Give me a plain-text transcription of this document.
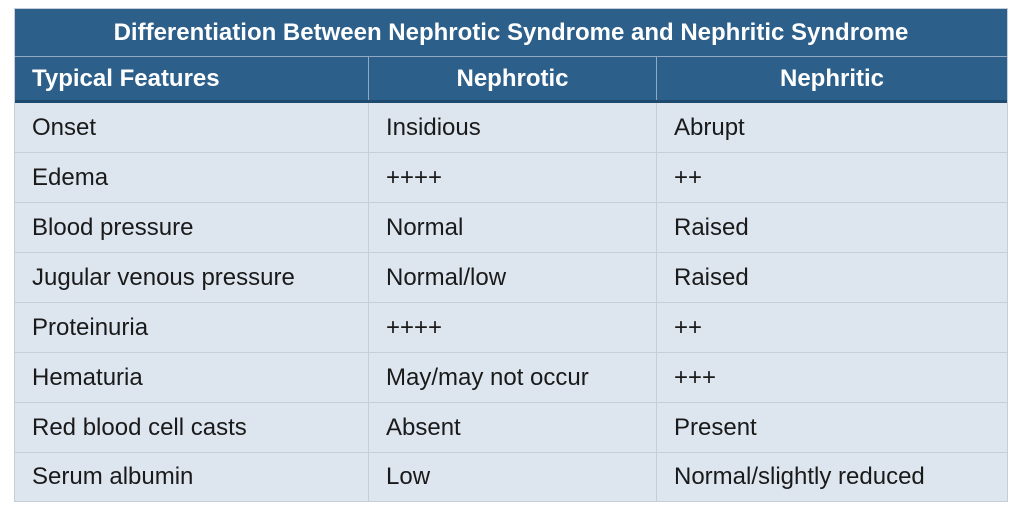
Differentiation Between Nephrotic Syndrome and Nephritic Syndrome
Typical Features	Nephrotic	Nephritic
Onset	Insidious	Abrupt
Edema	++++	++
Blood pressure	Normal	Raised
Jugular venous pressure	Normal/low	Raised
Proteinuria	++++	++
Hematuria	May/may not occur	+++
Red blood cell casts	Absent	Present
Serum albumin	Low	Normal/slightly reduced
